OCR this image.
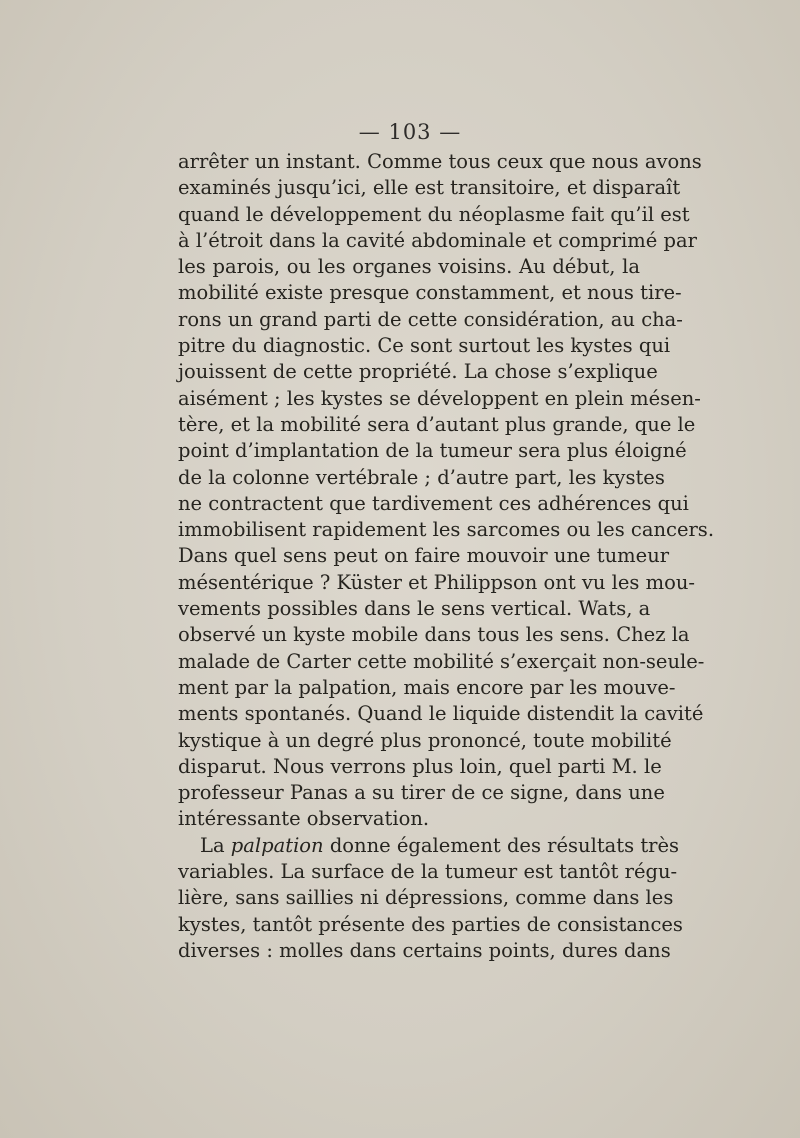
— 103 —
arrêter un instant. Comme tous ceux que nous avons
examinés jusqu’ici, elle est transitoire, et disparaît
quand le développement du néoplasme fait qu’il est
à l’étroit dans la cavité abdominale et comprimé par
les parois, ou les organes voisins. Au début, la
mobilité existe presque constamment, et nous tire-
rons un grand parti de cette considération, au cha-
pitre du diagnostic. Ce sont surtout les kystes qui
jouissent de cette propriété. La chose s’explique
aisément ; les kystes se développent en plein mésen-
tère, et la mobilité sera d’autant plus grande, que le
point d’implantation de la tumeur sera plus éloigné
de la colonne vertébrale ; d’autre part, les kystes
ne contractent que tardivement ces adhérences qui
immobilisent rapidement les sarcomes ou les cancers.
Dans quel sens peut on faire mouvoir une tumeur
mésentérique ? Küster et Philippson ont vu les mou-
vements possibles dans le sens vertical. Wats, a
observé un kyste mobile dans tous les sens. Chez la
malade de Carter cette mobilité s’exerçait non-seule-
ment par la palpation, mais encore par les mouve-
ments spontanés. Quand le liquide distendit la cavité
kystique à un degré plus prononcé, toute mobilité
disparut. Nous verrons plus loin, quel parti M. le
professeur Panas a su tirer de ce signe, dans une
intéressante observation.
La palpation donne également des résultats très
variables. La surface de la tumeur est tantôt régu-
lière, sans saillies ni dépressions, comme dans les
kystes, tantôt présente des parties de consistances
diverses : molles dans certains points, dures dans
